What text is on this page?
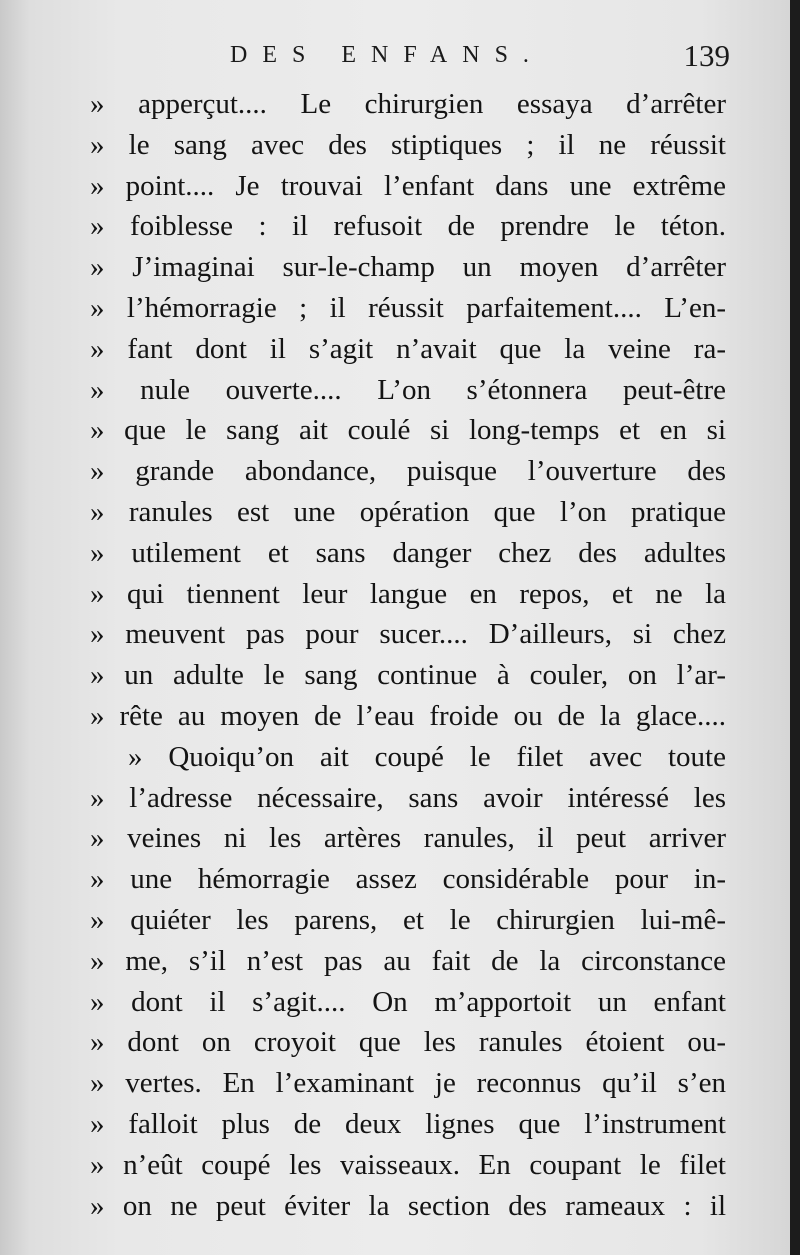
DES ENFANS.	139
» apperçut.... Le chirurgien essaya d’arrêter
» le sang avec des stiptiques ; il ne réussit
» point.... Je trouvai l’enfant dans une extrême
» foiblesse : il refusoit de prendre le téton.
» J’imaginai sur-le-champ un moyen d’arrêter
» l’hémorragie ; il réussit parfaitement.... L’en-
» fant dont il s’agit n’avait que la veine ra-
» nule ouverte.... L’on s’étonnera peut-être
» que le sang ait coulé si long-temps et en si
» grande abondance, puisque l’ouverture des
» ranules est une opération que l’on pratique
» utilement et sans danger chez des adultes
» qui tiennent leur langue en repos, et ne la
» meuvent pas pour sucer.... D’ailleurs, si chez
» un adulte le sang continue à couler, on l’ar-
» rête au moyen de l’eau froide ou de la glace....
» Quoiqu’on ait coupé le filet avec toute
» l’adresse nécessaire, sans avoir intéressé les
» veines ni les artères ranules, il peut arriver
» une hémorragie assez considérable pour in-
» quiéter les parens, et le chirurgien lui-mê-
» me, s’il n’est pas au fait de la circonstance
» dont il s’agit.... On m’apportoit un enfant
» dont on croyoit que les ranules étoient ou-
» vertes. En l’examinant je reconnus qu’il s’en
» falloit plus de deux lignes que l’instrument
» n’eût coupé les vaisseaux. En coupant le filet
» on ne peut éviter la section des rameaux : il
